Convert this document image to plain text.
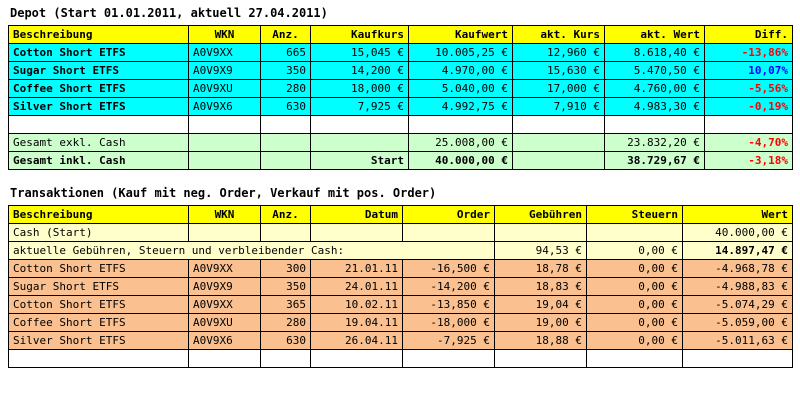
Depot (Start 01.01.2011, aktuell 27.04.2011)
Beschreibung	WKN	Anz.	Kaufkurs	Kaufwert	akt. Kurs	akt. Wert	Diff.
Cotton Short ETFS	A0V9XX	665	15,045 €	10.005,25 €	12,960 €	8.618,40 €	-13,86%
Sugar Short ETFS	A0V9X9	350	14,200 €	4.970,00 €	15,630 €	5.470,50 €	10,07%
Coffee Short ETFS	A0V9XU	280	18,000 €	5.040,00 €	17,000 €	4.760,00 €	-5,56%
Silver Short ETFS	A0V9X6	630	7,925 €	4.992,75 €	7,910 €	4.983,30 €	-0,19%

Gesamt exkl. Cash				25.008,00 €		23.832,20 €	-4,70%
Gesamt inkl. Cash			Start	40.000,00 €		38.729,67 €	-3,18%
Transaktionen (Kauf mit neg. Order, Verkauf mit pos. Order)
Beschreibung	WKN	Anz.	Datum	Order	Gebühren	Steuern	Wert
Cash (Start)							40.000,00 €
aktuelle Gebühren, Steuern und verbleibender Cash:					94,53 €	0,00 €	14.897,47 €
Cotton Short ETFS	A0V9XX	300	21.01.11	-16,500 €	18,78 €	0,00 €	-4.968,78 €
Sugar Short ETFS	A0V9X9	350	24.01.11	-14,200 €	18,83 €	0,00 €	-4.988,83 €
Cotton Short ETFS	A0V9XX	365	10.02.11	-13,850 €	19,04 €	0,00 €	-5.074,29 €
Coffee Short ETFS	A0V9XU	280	19.04.11	-18,000 €	19,00 €	0,00 €	-5.059,00 €
Silver Short ETFS	A0V9X6	630	26.04.11	-7,925 €	18,88 €	0,00 €	-5.011,63 €
